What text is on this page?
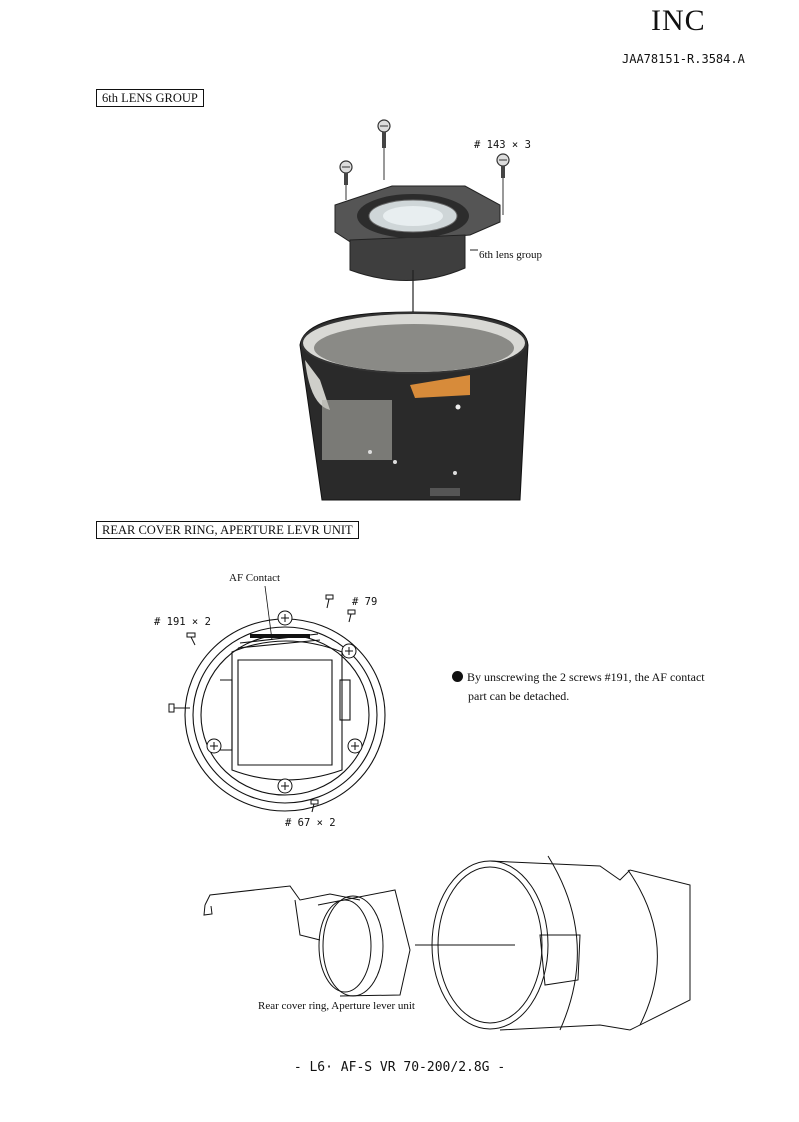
INC
JAA78151-R.3584.A
6th LENS GROUP
# 143 × 3
6th lens group
REAR COVER RING, APERTURE LEVR UNIT
AF Contact
# 191 × 2
# 79
# 67 × 2
By unscrewing the 2 screws #191, the AF contact
part can be detached.
Rear cover ring, Aperture lever unit
- L6· AF-S VR 70-200/2.8G -
